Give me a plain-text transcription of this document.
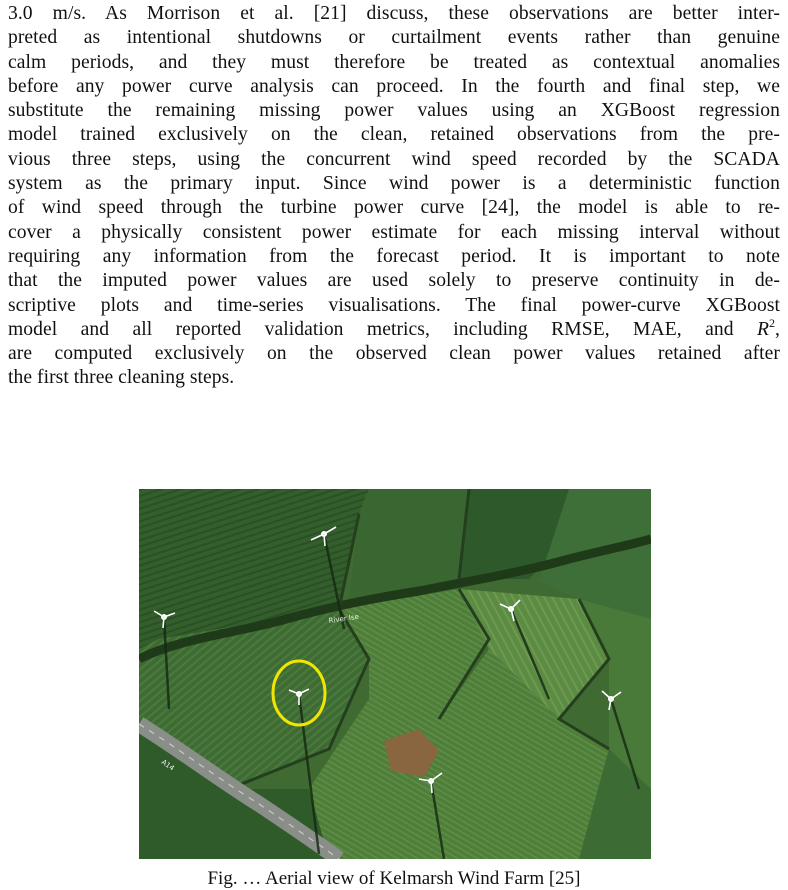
3.0 m/s. As Morrison et al. [21] discuss, these observations are better inter-
preted as intentional shutdowns or curtailment events rather than genuine
calm periods, and they must therefore be treated as contextual anomalies
before any power curve analysis can proceed. In the fourth and final step, we
substitute the remaining missing power values using an XGBoost regression
model trained exclusively on the clean, retained observations from the pre-
vious three steps, using the concurrent wind speed recorded by the SCADA
system as the primary input. Since wind power is a deterministic function
of wind speed through the turbine power curve [24], the model is able to re-
cover a physically consistent power estimate for each missing interval without
requiring any information from the forecast period. It is important to note
that the imputed power values are used solely to preserve continuity in de-
scriptive plots and time-series visualisations. The final power-curve XGBoost
model and all reported validation metrics, including RMSE, MAE, and $R^2$,
are computed exclusively on the observed clean power values retained after
the first three cleaning steps.
River Ise
A14
Fig. … Aerial view of Kelmarsh Wind Farm [25]
